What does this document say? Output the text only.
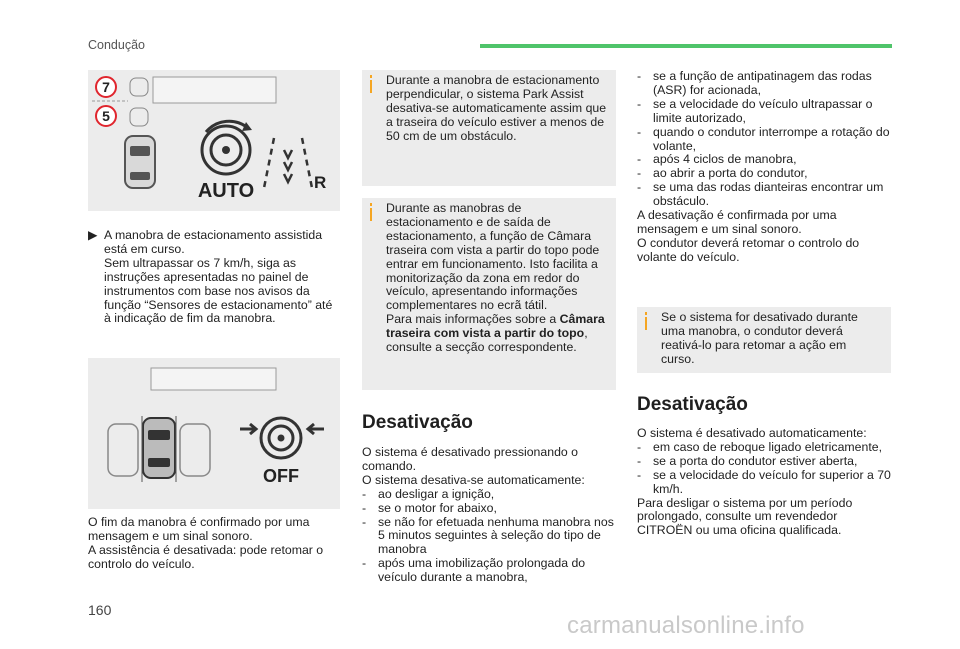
Condução
7
5
AUTO	R
▶ A manobra de estacionamento assistida está em curso.

Sem ultrapassar os 7 km/h, siga as instruções apresentadas no painel de instrumentos com base nos avisos da função “Sensores de estacionamento” até à indicação de fim da manobra.

OFF

O fim da manobra é confirmado por uma mensagem e um sinal sonoro.

A assistência é desativada: pode retomar o controlo do veículo.

Durante a manobra de estacionamento perpendicular, o sistema Park Assist desativa-se automaticamente assim que a traseira do veículo estiver a menos de 50 cm de um obstáculo.

Durante as manobras de estacionamento e de saída de estacionamento, a função de Câmara traseira com vista a partir do topo pode entrar em funcionamento. Isto facilita a monitorização da zona em redor do veículo, apresentando informações complementares no ecrã tátil.

Para mais informações sobre a Câmara traseira com vista a partir do topo, consulte a secção correspondente.

Desativação

O sistema é desativado pressionando o comando.

O sistema desativa-se automaticamente:

- ao desligar a ignição,
- se o motor for abaixo,
- se não for efetuada nenhuma manobra nos 5 minutos seguintes à seleção do tipo de manobra
- após uma imobilização prolongada do veículo durante a manobra,
- se a função de antipatinagem das rodas (ASR) for acionada,
- se a velocidade do veículo ultrapassar o limite autorizado,
- quando o condutor interrompe a rotação do volante,
- após 4 ciclos de manobra,
- ao abrir a porta do condutor,
- se uma das rodas dianteiras encontrar um obstáculo.

A desativação é confirmada por uma mensagem e um sinal sonoro.

O condutor deverá retomar o controlo do volante do veículo.

Se o sistema for desativado durante uma manobra, o condutor deverá reativá-lo para retomar a ação em curso.

Desativação

O sistema é desativado automaticamente:

- em caso de reboque ligado eletricamente,
- se a porta do condutor estiver aberta,
- se a velocidade do veículo for superior a 70 km/h.

Para desligar o sistema por um período prolongado, consulte um revendedor CITROËN ou uma oficina qualificada.

160
carmanualsonline.info
